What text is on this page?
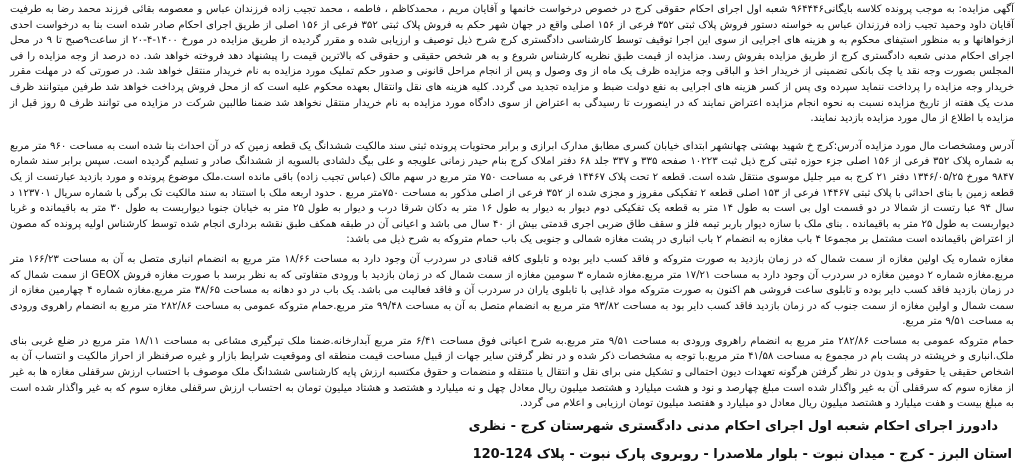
آگهی مزایده: به موجب پرونده کلاسه بایگانی۹۶۴۴۴۶ شعبه اول اجرای احکام حقوقی کرج در خصوص درخواست خانمها و آقایان مریم ، محمدکاظم ، فاطمه ، محمد تجیب زاده فرزندان عباس و معصومه بقائی فرزند محمد رضا به طرفیت آقایان داود وحمید تجیب زاده فرزندان عباس به خواسته دستور فروش پلاک ثبتی ۳۵۲ فرعی از ۱۵۶ اصلی واقع در جهان شهر حکم به فروش پلاک ثبتی ۳۵۲ فرعی از ۱۵۶ اصلی از طریق اجرای احکام صادر شده است بنا به درخواست احدی ازخواهانها و به منظور استیفای محکوم به و هزینه های اجرایی از سوی این اجرا توقیف توسط کارشناسی دادگستری کرج شرح ذیل توصیف و ارزیابی شده و مقرر گردیده از طریق مزایده در مورخ ۱۴۰۰-۴-۲۰ از ساعت۹صبح تا ۹ در محل اجرای احکام مدنی شعبه دادگستری کرج از طریق مزایده بفروش رسد. مزایده از قیمت طبق نظریه کارشناس شروع و به هر شخص حقیقی و حقوقی که بالاترین قیمت را پیشنهاد دهد فروخته خواهد شد. ده درصد از وجه مزایده را فی المجلس بصورت وجه نقد یا چک بانکی تضمینی از خریدار اخذ و الباقی وجه مزایده ظرف یک ماه از وی وصول و پس از انجام مراحل قانونی و صدور حکم تملیک مورد مزایده به نام خریدار منتقل خواهد شد. در صورتی که در مهلت مقرر خریدار وجه مزایده را پرداخت ننماید سپرده وی پس از کسر هزینه های اجرایی به نفع دولت ضبط و مزایده تجدید می گردد. کلیه هزینه های نقل وانتقال بعهده محکوم علیه است که از محل فروش پرداخت خواهد شد طرفین میتوانند ظرف مدت یک هفته از تاریخ مزایده نسبت به نحوه انجام مزایده اعتراض نمایند که در اینصورت تا رسیدگی به اعتراض از سوی دادگاه مورد مزایده به نام خریدار منتقل نخواهد شد ضمنا طالبین شرکت در مزایده می توانند ظرف ۵ روز قبل از مزایده با اطلاع از مال مورد مزایده بازدید نمایند.

آدرس ومشخصات مال مورد مزایده آدرس:کرج خ شهید بهشتی چهانشهر ابتدای خیابان کسری مطابق مدارک ابرازی و برابر محتویات پرونده ثبتی سند مالکیت ششدانگ یک قطعه زمین که در آن احداث بنا شده است به مساحت ۹۶۰ متر مربع به شماره پلاک ۳۵۲ فرعی از ۱۵۶ اصلی جزء حوزه ثبتی کرج ذیل ثبت ۱۰۲۲۳ صفحه ۳۳۵ و ۳۳۷ جلد ۶۸ دفتر املاک کرج بنام حیدر زمانی علویجه و علی بیگ دلشادی بالسویه از ششدانگ صادر و تسلیم گردیده است. سپس برابر سند شماره ۹۸۴۷ مورخ ۱۳۴۶/۰۵/۲۵ دفتر ۲۱ کرج به میر جلیل موسوی منتقل شده است. قطعه ۲ تحت پلاک ۱۴۴۶۷ فرعی به مساحت ۷۵۰ متر مربع در سهم مالک (عباس تجیب زاده) باقی مانده است.ملک موضوع پرونده و مورد بازدید عبارتست از یک قطعه زمین با بنای احداثی با پلاک ثبتی ۱۴۴۶۷ فرعی از ۱۵۳ اصلی قطعه ۲ تفکیکی مفروز و مجزی شده از ۳۵۲ فرعی از اصلی مذکور به مساحت ۷۵۰متر مربع . حدود اربعه ملک با استناد به سند مالکیت تک برگی با شماره سریال ۱۲۳۷۰۱ د سال ۹۴ عبا رتست از شمالا در دو قسمت اول بی است به طول ۱۴ متر به قطعه یک تفکیکی دوم دیوار به دیوار به طول ۱۶ متر به دکان شرقا درب و دیوار به طول ۲۵ متر به خیابان جنوبا دیواربست به طول ۳۰ متر به باقیمانده و غربا دیواربست به طول ۲۵ متر به باقیمانده . بنای ملک با سازه دیوار باربر تیمه فلز و سقف طاق ضربی اجری قدمتی بیش از ۴۰ سال می باشد و اعیانی آن در طبقه همکف طبق نقشه برداری انجام شده توسط کارشناس اولیه پرونده که مصون از اعتراض باقیمانده است مشتمل بر مجموعا ۴ باب مغازه به انضمام ۲ باب انباری در پشت مغازه شمالی و جنوبی یک باب حمام متروکه به شرح ذیل می باشد:

مغازه شماره یک اولین مغازه از سمت شمال که در زمان بازدید به صورت متروکه و فاقد کسب دایر بوده و تابلوی کافه قنادی در سردرب آن وجود دارد به مساحت ۱۸/۶۶ متر مربع به انضمام انباری متصل به آن به مساحت ۱۶۶/۲۳ متر مربع.مغازه شماره ۲ دومین مغازه در سردرب آن وجود دارد به مساحت ۱۷/۲۱ متر مربع.مغازه شماره ۳ سومین مغازه از سمت شمال که در زمان بازدید با ورودی متفاوتی که به نظر برسد با صورت مغازه فروش GEOX از سمت شمال که در زمان بازدید فاقد کسب دایر بوده و تابلوی ساعت فروشی هم اکنون به صورت متروکه مواد غذایی با تابلوی یاران در سردرب آن و فاقد فعالیت می باشد. یک باب در دو دهانه به مساحت ۳۸/۶۵ متر مربع.مغازه شماره ۴ چهارمین مغازه از سمت شمال و اولین مغازه از سمت جنوب که در زمان بازدید فاقد کسب دایر بود به مساحت ۹۳/۸۲ متر مربع به انضمام متصل به آن به مساحت ۹۹/۴۸ متر مربع.حمام متروکه عمومی به مساحت ۲۸۲/۸۶ متر مربع به انضمام راهروی ورودی به مساحت ۹/۵۱ متر مربع.

حمام متروکه عمومی به مساحت ۲۸۲/۸۶ متر مربع به انضمام راهروی ورودی به مساحت ۹/۵۱ متر مربع.به شرح اعیانی فوق مساحت ۶/۴۱ متر مربع آبدارخانه.ضمنا ملک تیرگیری مشاعی به مساحت ۱۸/۱۱ متر مربع در ضلع غربی بنای ملک.انباری و خرپشته در پشت بام در مجموع به مساحت ۴۱/۵۸ متر مربع.با توجه به مشخصات ذکر شده و در نظر گرفتن سایر جهات از قبیل مساحت قیمت منطقه ای وموقعیت شرایط بازار و غیره صرفنظر از احراز مالکیت و انتساب آن به اشخاص حقیقی یا حقوقی و بدون در نظر گرفتن هرگونه تعهدات دیون احتمالی و تشکیل منی برای نقل و انتقال یا منتقله و منضمات و حقوق مکتسبه ارزش پایه کارشناسی ششدانگ ملک موصوف با احتساب ارزش سرقفلی مغازه ها به غیر از مغازه سوم که سرقفلی آن به غیر واگذار شده است مبلغ چهارصد و نود و هشت میلیارد و هشتصد میلیون ریال معادل چهل و نه میلیارد و هشتصد و هشتاد میلیون تومان به احتساب ارزش سرقفلی مغازه سوم که به غیر واگذار شده است به مبلغ بیست و هفت میلیارد و هشتصد میلیون ریال معادل دو میلیارد و هفتصد میلیون تومان ارزیابی و اعلام می گردد.

دادورز اجرای احکام شعبه اول اجرای احکام مدنی دادگستری شهرستان کرج - نظری
استان البرز - کرج - میدان نبوت - بلوار ملاصدرا - روبروی پارک نبوت - پلاک 124-120
